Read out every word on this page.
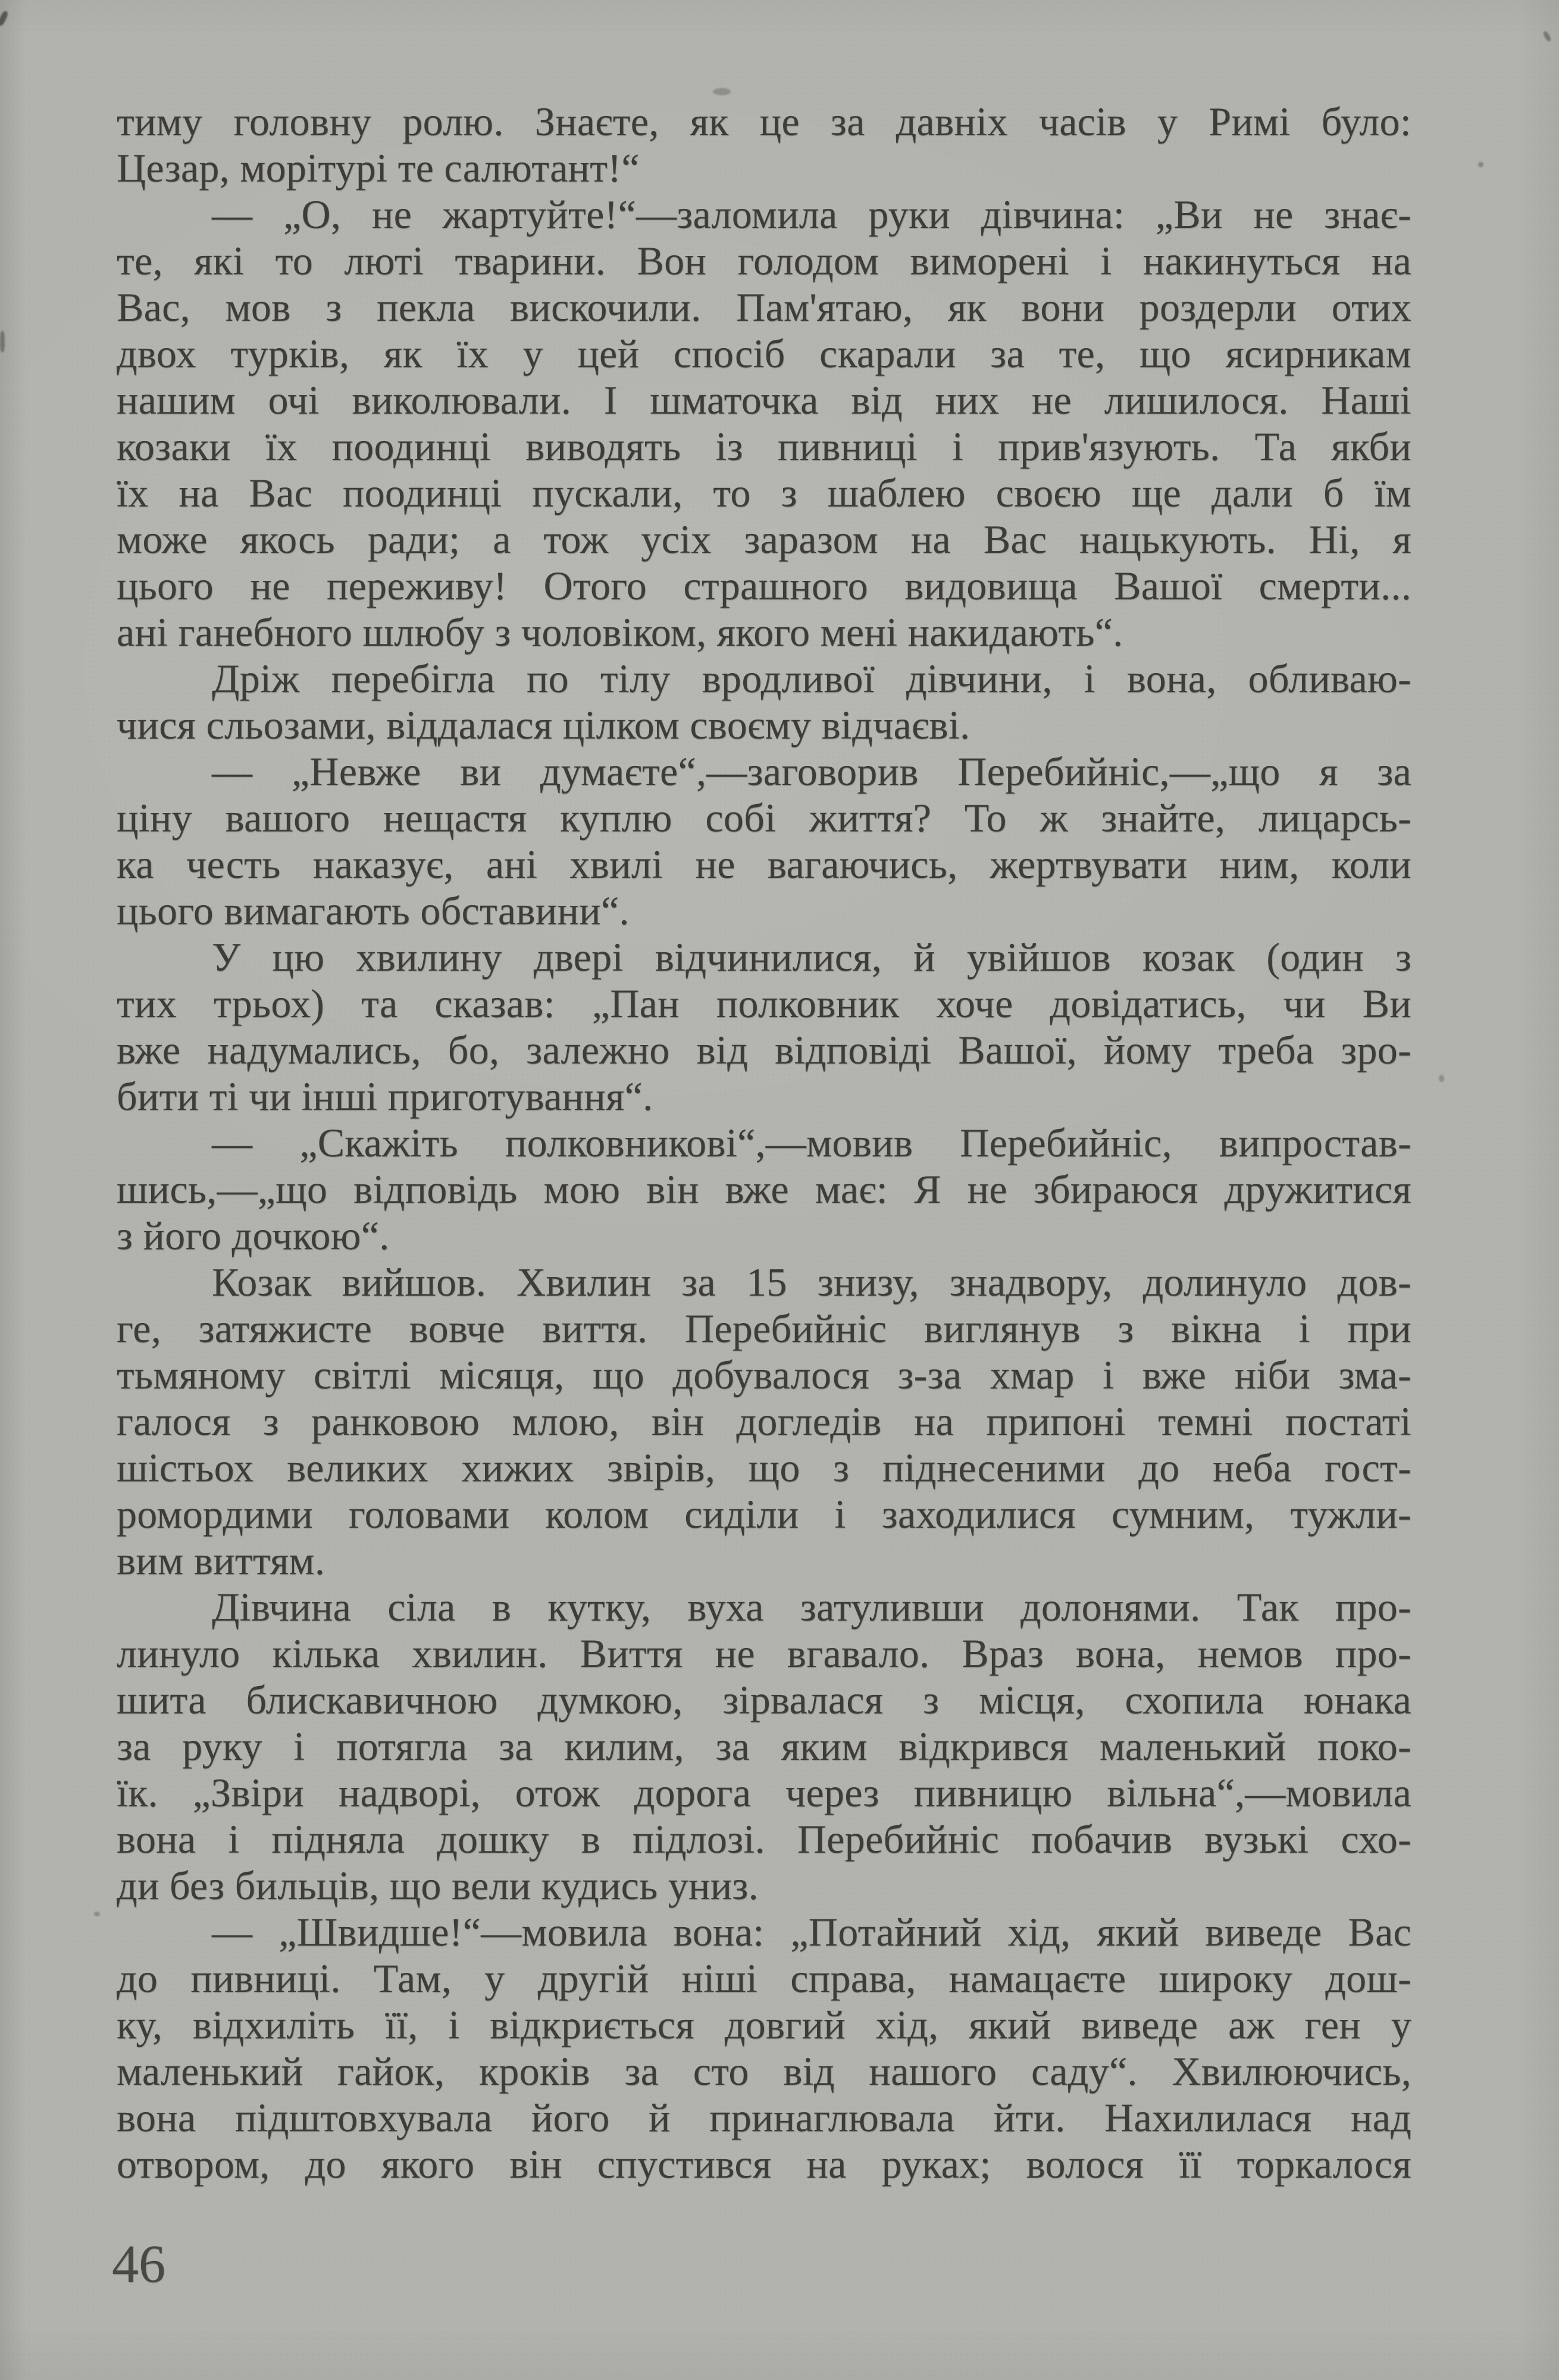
тиму головну ролю. Знаєте, як це за давніх часів у Римі було:
Цезар, морітурі те салютант!“

— „О, не жартуйте!“—заломила руки дівчина: „Ви не знає-
те, які то люті тварини. Вон голодом виморені і накинуться на
Вас, мов з пекла вискочили. Пам'ятаю, як вони роздерли отих
двох турків, як їх у цей спосіб скарали за те, що ясирникам
нашим очі виколювали. І шматочка від них не лишилося. Наші
козаки їх поодинці виводять із пивниці і прив'язують. Та якби
їх на Вас поодинці пускали, то з шаблею своєю ще дали б їм
може якось ради; а тож усіх заразом на Вас нацькують. Ні, я
цього не переживу! Отого страшного видовища Вашої смерти...
ані ганебного шлюбу з чоловіком, якого мені накидають“.

Дріж перебігла по тілу вродливої дівчини, і вона, обливаю-
чися сльозами, віддалася цілком своєму відчаєві.

— „Невже ви думаєте“,—заговорив Перебийніс,—„що я за
ціну вашого нещастя куплю собі життя? То ж знайте, лицарсь-
ка честь наказує, ані хвилі не вагаючись, жертвувати ним, коли
цього вимагають обставини“.

У цю хвилину двері відчинилися, й увійшов козак (один з
тих трьох) та сказав: „Пан полковник хоче довідатись, чи Ви
вже надумались, бо, залежно від відповіді Вашої, йому треба зро-
бити ті чи інші приготування“.

— „Скажіть полковникові“,—мовив Перебийніс, випростав-
шись,—„що відповідь мою він вже має: Я не збираюся дружитися
з його дочкою“.

Козак вийшов. Хвилин за 15 знизу, знадвору, долинуло дов-
ге, затяжисте вовче виття. Перебийніс виглянув з вікна і при
тьмяному світлі місяця, що добувалося з-за хмар і вже ніби зма-
галося з ранковою млою, він догледів на припоні темні постаті
шістьох великих хижих звірів, що з піднесеними до неба гост-
ромордими головами колом сиділи і заходилися сумним, тужли-
вим виттям.

Дівчина сіла в кутку, вуха затуливши долонями. Так про-
линуло кілька хвилин. Виття не вгавало. Враз вона, немов про-
шита блискавичною думкою, зірвалася з місця, схопила юнака
за руку і потягла за килим, за яким відкрився маленький поко-
їк. „Звіри надворі, отож дорога через пивницю вільна“,—мовила
вона і підняла дошку в підлозі. Перебийніс побачив вузькі схо-
ди без бильців, що вели кудись униз.

— „Швидше!“—мовила вона: „Потайний хід, який виведе Вас
до пивниці. Там, у другій ніші справа, намацаєте широку дош-
ку, відхиліть її, і відкриється довгий хід, який виведе аж ген у
маленький гайок, кроків за сто від нашого саду“. Хвилюючись,
вона підштовхувала його й принаглювала йти. Нахилилася над
отвором, до якого він спустився на руках; волося її торкалося

46
